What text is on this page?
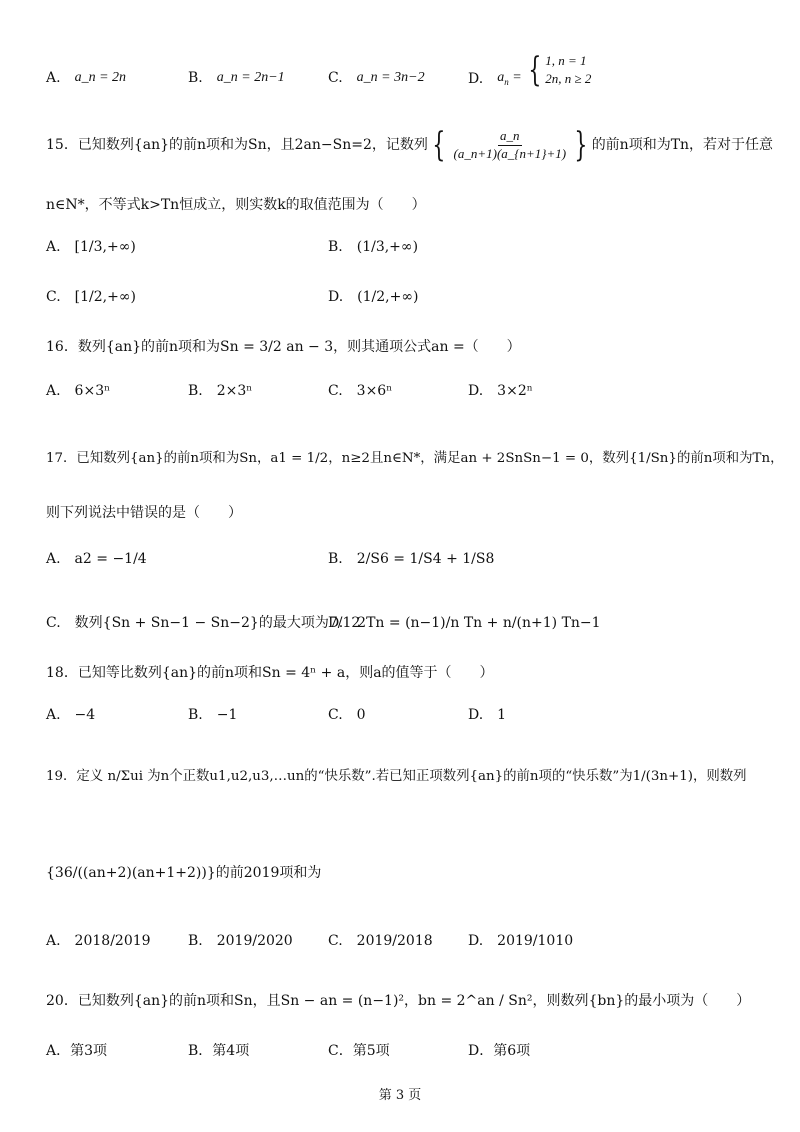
A. a_n = 2n	B. a_n = 2n−1	C. a_n = 3n−2	D. $a_n$ = { 1, n = 1
2n, n ≥ 2
15．已知数列{an}的前n项和为Sn，且2an−Sn=2，记数列 { $\frac{a\_n}{(a\_n+1)(a\_\{n+1\}+1)}$ } 的前n项和为Tn，若对于任意
n∈N*，不等式k>Tn恒成立，则实数k的取值范围为（　　）
A.　[1/3,+∞)	B.　(1/3,+∞)
C.　[1/2,+∞)	D.　(1/2,+∞)
16．数列{an}的前n项和为Sn = 3/2 an − 3，则其通项公式an =（　　）
A.　6×3ⁿ	B.　2×3ⁿ	C.　3×6ⁿ	D.　3×2ⁿ
17．已知数列{an}的前n项和为Sn，a1 = 1/2，n≥2且n∈N*，满足an + 2SnSn−1 = 0，数列{1/Sn}的前n项和为Tn，
则下列说法中错误的是（　　）
A.　a2 = −1/4	B.　2/S6 = 1/S4 + 1/S8
C.　数列{Sn + Sn−1 − Sn−2}的最大项为7/12
D.　2Tn = (n−1)/n Tn + n/(n+1) Tn−1
18．已知等比数列{an}的前n项和Sn = 4ⁿ + a，则a的值等于（　　）
A.　−4	B.　−1	C.　0	D.　1
19．定义 n/Σui 为n个正数u1,u2,u3,…un的“快乐数”.若已知正项数列{an}的前n项的“快乐数”为1/(3n+1)，则数列
{36/((an+2)(an+1+2))}的前2019项和为
A.　2018/2019	B.　2019/2020	C.　2019/2018	D.　2019/1010
20．已知数列{an}的前n项和Sn，且Sn − an = (n−1)²，bn = 2^an / Sn²，则数列{bn}的最小项为（　　）
A．第3项	B．第4项	C．第5项	D．第6项
第 3 页
